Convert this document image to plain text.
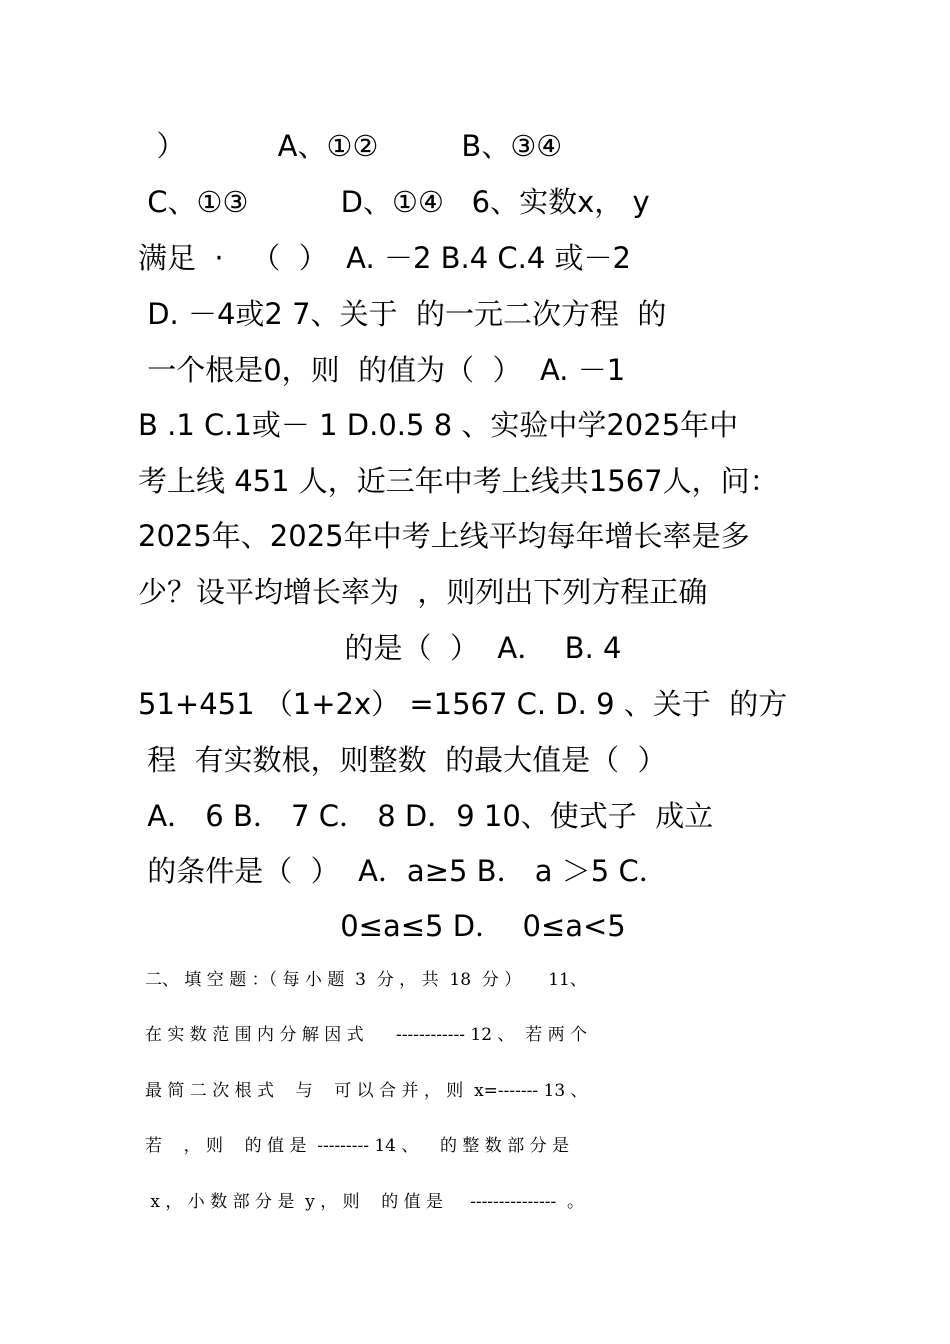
）          A、①②         B、③④
C、①③          D、①④   6、实数x， y
满足  ·   （  ）  A. －2 B.4 C.4 或－2
D. －4或2 7、关于  的一元二次方程  的
一个根是0，则  的值为（  ）  A. －1
B .1 C.1或－ 1 D.0.5 8 、实验中学2025年中
考上线 451 人，近三年中考上线共1567人，问：
2025年、2025年中考上线平均每年增长率是多
少？设平均增长率为  ，则列出下列方程正确
的是（  ）  A．  B. 4
51+451 （1+2x） =1567 C. D. 9 、关于  的方
程  有实数根，则整数  的最大值是（  ）
A． 6 B． 7 C． 8 D．9 10、使式子  成立
的条件是（  ）  A．a≥5 B． a ＞5 C．
0≤a≤5 D．  0≤a<5
二、 填 空 题 ：（ 每 小 题  3  分 ， 共  18  分 ）     11、
在 实 数 范 围 内 分 解 因 式      ------------ 12 、  若 两 个
最 简 二 次 根 式    与    可 以 合 并 ， 则  x=------- 13 、
若    ， 则    的 值 是  --------- 14 、    的 整 数 部 分 是
x ， 小 数 部 分 是  y ， 则    的 值 是     ---------------  。
